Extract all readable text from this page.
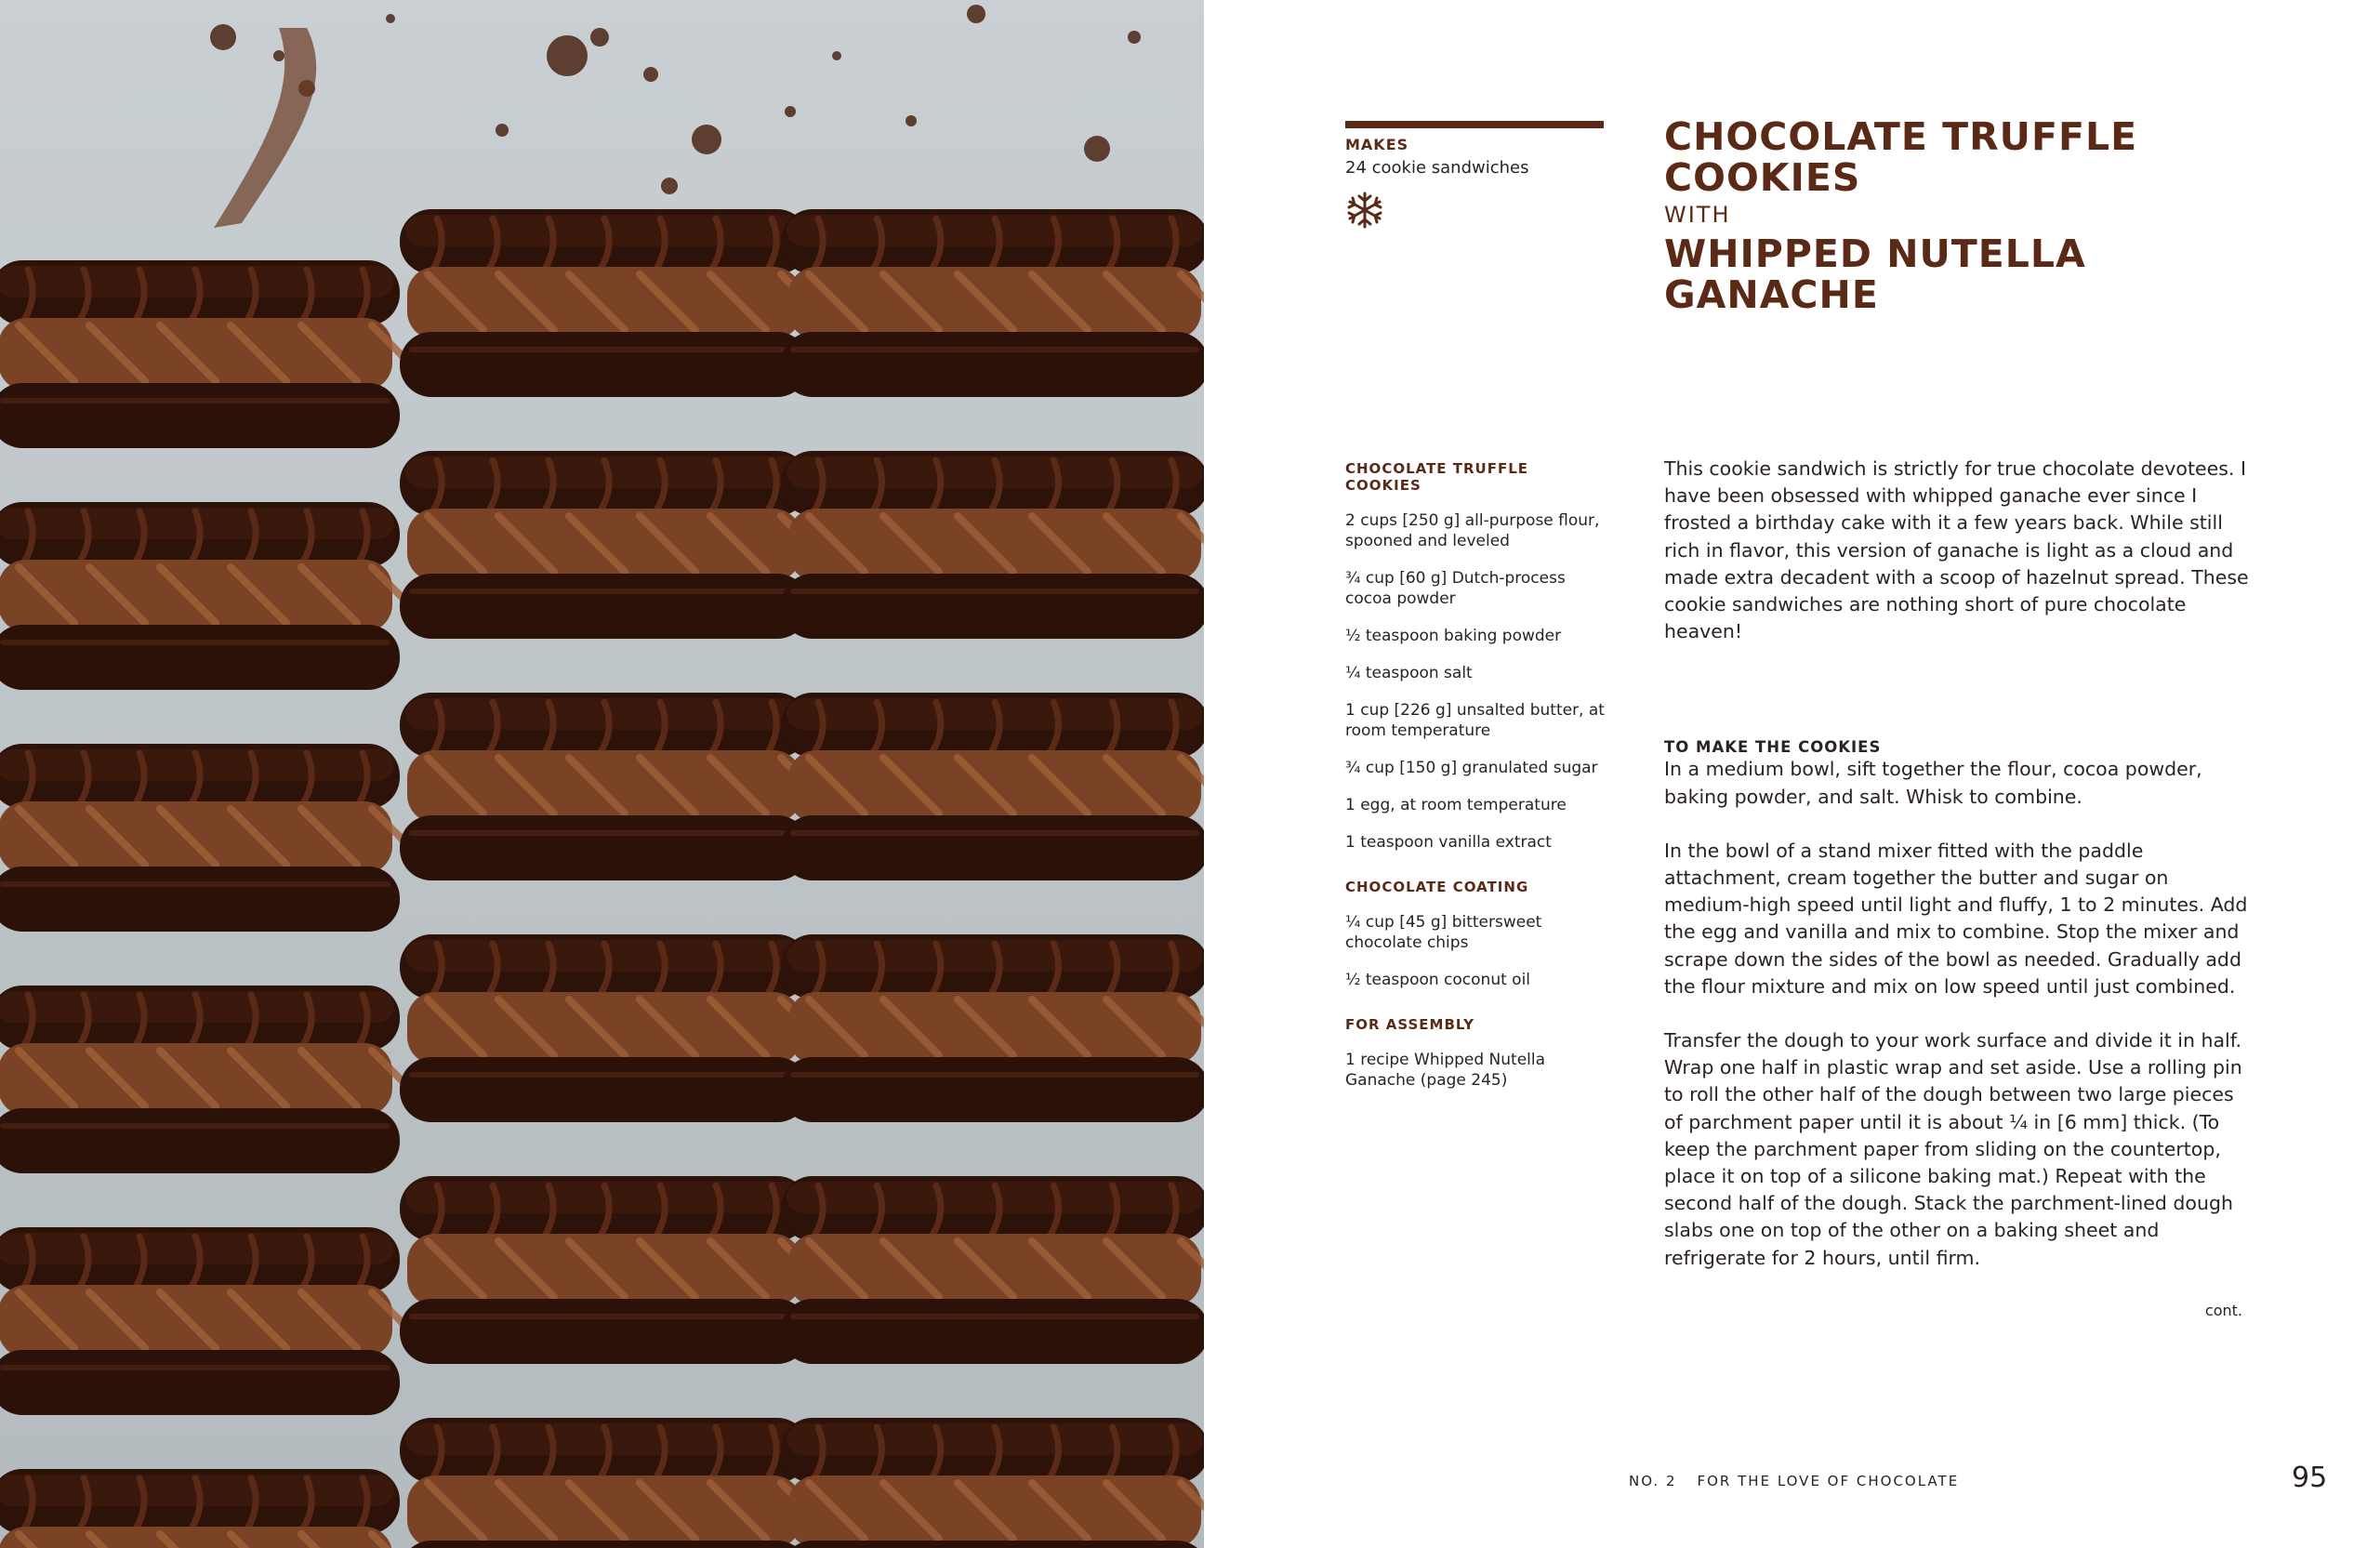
MAKES
24 cookie sandwiches
CHOCOLATE TRUFFLE
COOKIES
WITH
WHIPPED NUTELLA
GANACHE
CHOCOLATE TRUFFLE COOKIES
2 cups [250 g] all-purpose flour, spooned and leveled
¾ cup [60 g] Dutch-process cocoa powder
½ teaspoon baking powder
¼ teaspoon salt
1 cup [226 g] unsalted butter, at room temperature
¾ cup [150 g] granulated sugar
1 egg, at room temperature
1 teaspoon vanilla extract
CHOCOLATE COATING
¼ cup [45 g] bittersweet chocolate chips
½ teaspoon coconut oil
FOR ASSEMBLY
1 recipe Whipped Nutella Ganache (page 245)

This cookie sandwich is strictly for true chocolate devotees. I have been obsessed with whipped ganache ever since I frosted a birthday cake with it a few years back. While still rich in flavor, this version of ganache is light as a cloud and made extra decadent with a scoop of hazelnut spread. These cookie sandwiches are nothing short of pure chocolate heaven!

TO MAKE THE COOKIES

In a medium bowl, sift together the flour, cocoa powder, baking powder, and salt. Whisk to combine.

In the bowl of a stand mixer fitted with the paddle attachment, cream together the butter and sugar on medium-high speed until light and fluffy, 1 to 2 minutes. Add the egg and vanilla and mix to combine. Stop the mixer and scrape down the sides of the bowl as needed. Gradually add the flour mixture and mix on low speed until just combined.

Transfer the dough to your work surface and divide it in half. Wrap one half in plastic wrap and set aside. Use a rolling pin to roll the other half of the dough between two large pieces of parchment paper until it is about ¼ in [6 mm] thick. (To keep the parchment paper from sliding on the countertop, place it on top of a silicone baking mat.) Repeat with the second half of the dough. Stack the parchment-lined dough slabs one on top of the other on a baking sheet and refrigerate for 2 hours, until firm.

cont.
NO. 2 FOR THE LOVE OF CHOCOLATE	95
